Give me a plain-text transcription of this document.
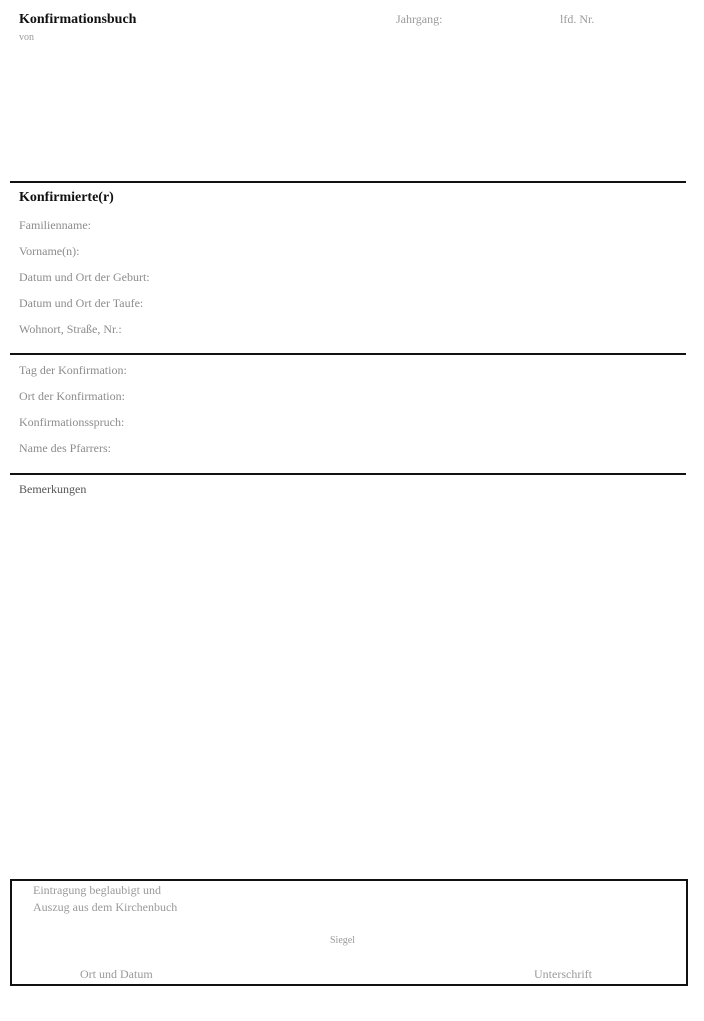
Konfirmationsbuch
von
Jahrgang:	lfd. Nr.
Konfirmierte(r)
Familienname:
Vorname(n):
Datum und Ort der Geburt:
Datum und Ort der Taufe:
Wohnort, Straße, Nr.:
Tag der Konfirmation:
Ort der Konfirmation:
Konfirmationsspruch:
Name des Pfarrers:
Bemerkungen
Eintragung beglaubigt und
Auszug aus dem Kirchenbuch
Siegel
Ort und Datum	Unterschrift
